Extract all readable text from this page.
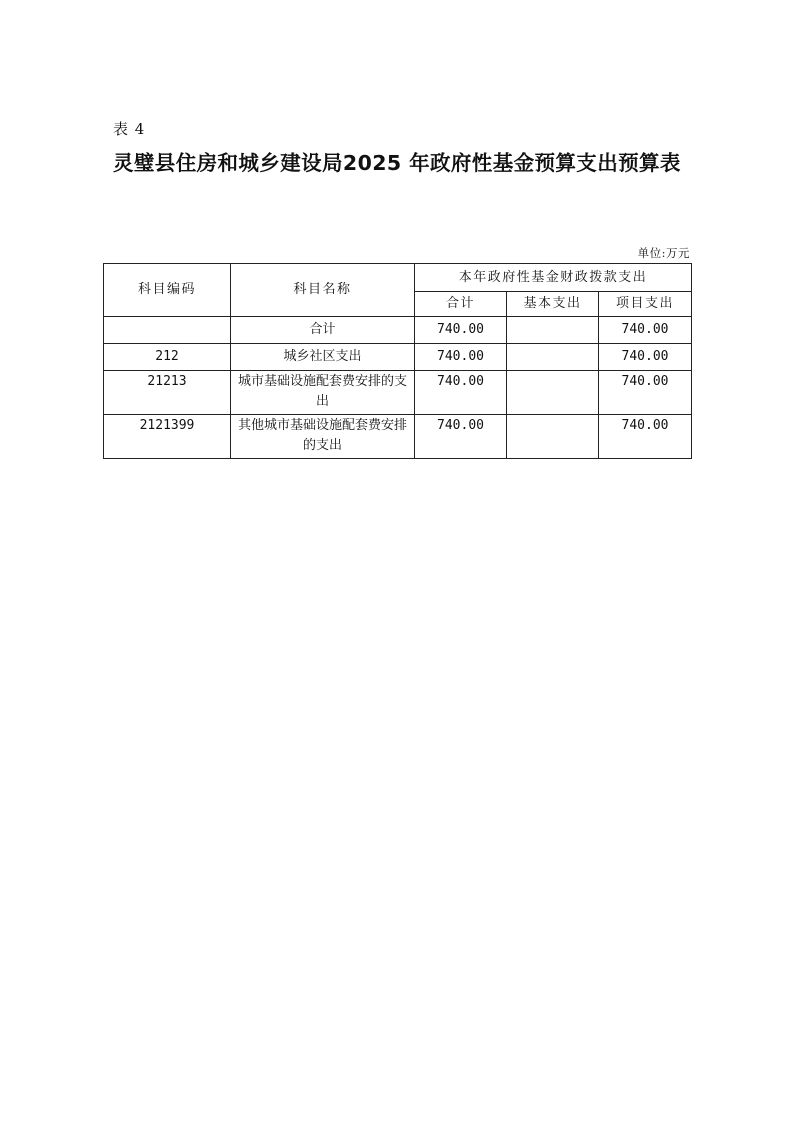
表 4
灵璧县住房和城乡建设局2025 年政府性基金预算支出预算表
单位:万元
科目编码	科目名称	本年政府性基金财政拨款支出		
		合计	基本支出	项目支出
	合计	740.00		740.00
212	城乡社区支出	740.00		740.00
21213	城市基础设施配套费安排的支出	740.00		740.00
2121399	其他城市基础设施配套费安排的支出	740.00		740.00
